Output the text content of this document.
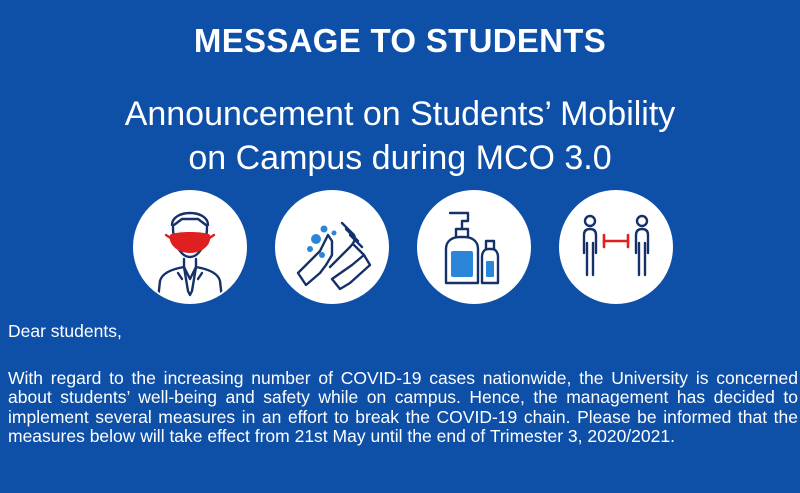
MESSAGE TO STUDENTS
Announcement on Students’ Mobility
on Campus during MCO 3.0

Dear students,

With regard to the increasing number of COVID-19 cases nationwide, the University is concerned about students’ well-being and safety while on campus. Hence, the management has decided to implement several measures in an effort to break the COVID-19 chain. Please be informed that the measures below will take effect from 21st May until the end of Trimester 3, 2020/2021.
